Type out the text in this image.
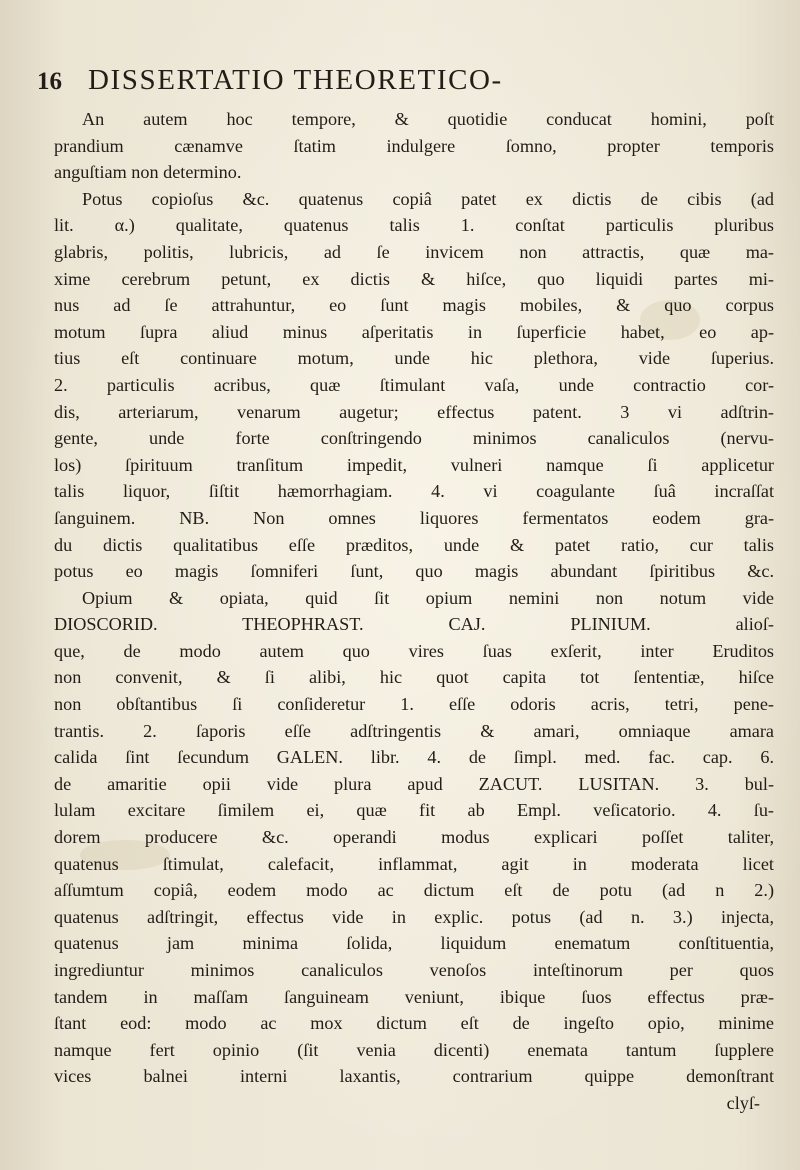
16 DISSERTATIO THEORETICO-
An autem hoc tempore, & quotidie conducat homini, poſt
prandium cænamve ſtatim indulgere ſomno, propter temporis
anguſtiam non determino.
Potus copioſus &c. quatenus copiâ patet ex dictis de cibis (ad
lit. α.) qualitate, quatenus talis 1. conſtat particulis pluribus
glabris, politis, lubricis, ad ſe invicem non attractis, quæ ma-
xime cerebrum petunt, ex dictis & hiſce, quo liquidi partes mi-
nus ad ſe attrahuntur, eo ſunt magis mobiles, & quo corpus
motum ſupra aliud minus aſperitatis in ſuperficie habet, eo ap-
tius eſt continuare motum, unde hic plethora, vide ſuperius.
2. particulis acribus, quæ ſtimulant vaſa, unde contractio cor-
dis, arteriarum, venarum augetur; effectus patent. 3 vi adſtrin-
gente, unde forte conſtringendo minimos canaliculos (nervu-
los) ſpirituum tranſitum impedit, vulneri namque ſi applicetur
talis liquor, ſiſtit hæmorrhagiam. 4. vi coagulante ſuâ incraſſat
ſanguinem. NB. Non omnes liquores fermentatos eodem gra-
du dictis qualitatibus eſſe præditos, unde & patet ratio, cur talis
potus eo magis ſomniferi ſunt, quo magis abundant ſpiritibus &c.
Opium & opiata, quid ſit opium nemini non notum vide
DIOSCORID. THEOPHRAST. CAJ. PLINIUM. alioſ-
que, de modo autem quo vires ſuas exſerit, inter Eruditos
non convenit, & ſi alibi, hic quot capita tot ſententiæ, hiſce
non obſtantibus ſi conſideretur 1. eſſe odoris acris, tetri, pene-
trantis. 2. ſaporis eſſe adſtringentis & amari, omniaque amara
calida ſint ſecundum GALEN. libr. 4. de ſimpl. med. fac. cap. 6.
de amaritie opii vide plura apud ZACUT. LUSITAN. 3. bul-
lulam excitare ſimilem ei, quæ fit ab Empl. veſicatorio. 4. ſu-
dorem producere &c. operandi modus explicari poſſet taliter,
quatenus ſtimulat, calefacit, inflammat, agit in moderata licet
aſſumtum copiâ, eodem modo ac dictum eſt de potu (ad n 2.)
quatenus adſtringit, effectus vide in explic. potus (ad n. 3.) injecta,
quatenus jam minima ſolida, liquidum enematum conſtituentia,
ingrediuntur minimos canaliculos venoſos inteſtinorum per quos
tandem in maſſam ſanguineam veniunt, ibique ſuos effectus præ-
ſtant eod: modo ac mox dictum eſt de ingeſto opio, minime
namque fert opinio (ſit venia dicenti) enemata tantum ſupplere
vices balnei interni laxantis, contrarium quippe demonſtrant
clyſ-
